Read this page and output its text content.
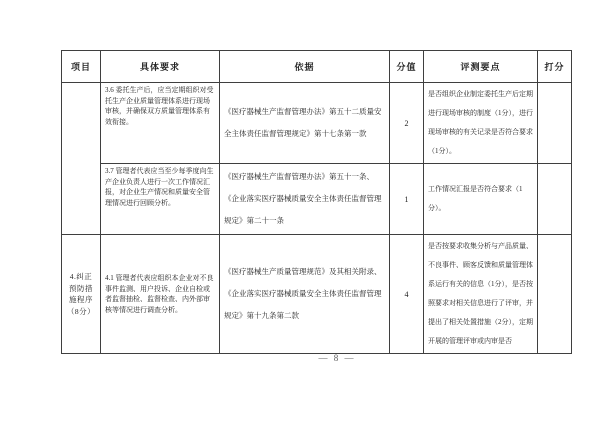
项目	具体要求	依据	分值	评测要点	打分
	3.6 委托生产后，应当定期组织对受托生产企业质量管理体系进行现场审核，并确保双方质量管理体系有效衔接。	《医疗器械生产监督管理办法》第五十二质量安全主体责任监督管理规定》第十七条第一款	2	是否组织企业制定委托生产后定期进行现场审核的制度（1分），进行现场审核的有关记录是否符合要求（1分）。	
	3.7 管理者代表应当至少每季度向生产企业负责人进行一次工作情况汇报，对企业生产情况和质量安全管理情况进行回顾分析。	《医疗器械生产监督管理办法》第五十一条、《企业落实医疗器械质量安全主体责任监督管理规定》第二十一条	1	工作情况汇报是否符合要求（1分）。	
4.纠正预防措施程序（8分）	4.1 管理者代表应组织本企业对不良事件监测、用户投诉、企业自检或者监督抽检、监督检查、内外部审核等情况进行调查分析。	《医疗器械生产质量管理规范》及其相关附录、《企业落实医疗器械质量安全主体责任监督管理规定》第十九条第二款	4	是否按要求收集分析与产品质量、不良事件、顾客反馈和质量管理体系运行有关的信息（1分），是否按照要求对相关信息进行了评审，并提出了相关处置措施（2分），定期开展的管理评审或内审是否	
— 8 —
